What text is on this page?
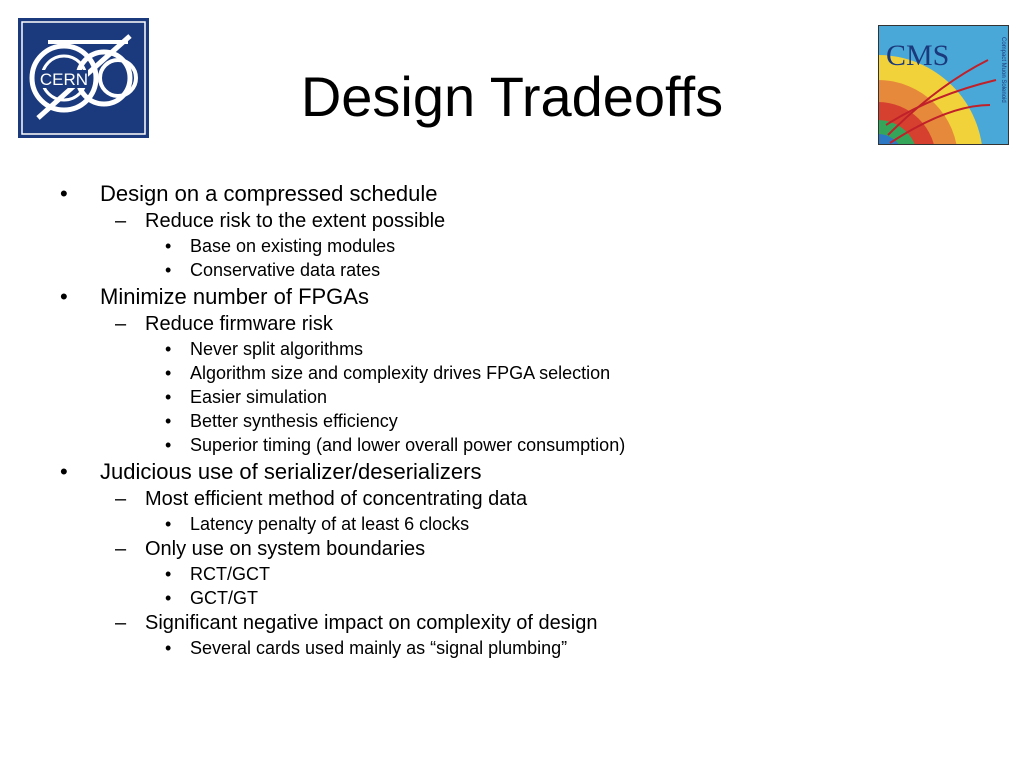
CERN
CMS	Compact Muon Solenoid
Design Tradeoffs
• Design on a compressed schedule
– Reduce risk to the extent possible
• Base on existing modules
• Conservative data rates
• Minimize number of FPGAs
– Reduce firmware risk
• Never split algorithms
• Algorithm size and complexity drives FPGA selection
• Easier simulation
• Better synthesis efficiency
• Superior timing (and lower overall power consumption)
• Judicious use of serializer/deserializers
– Most efficient method of concentrating data
• Latency penalty of at least 6 clocks
– Only use on system boundaries
• RCT/GCT
• GCT/GT
– Significant negative impact on complexity of design
• Several cards used mainly as “signal plumbing”
